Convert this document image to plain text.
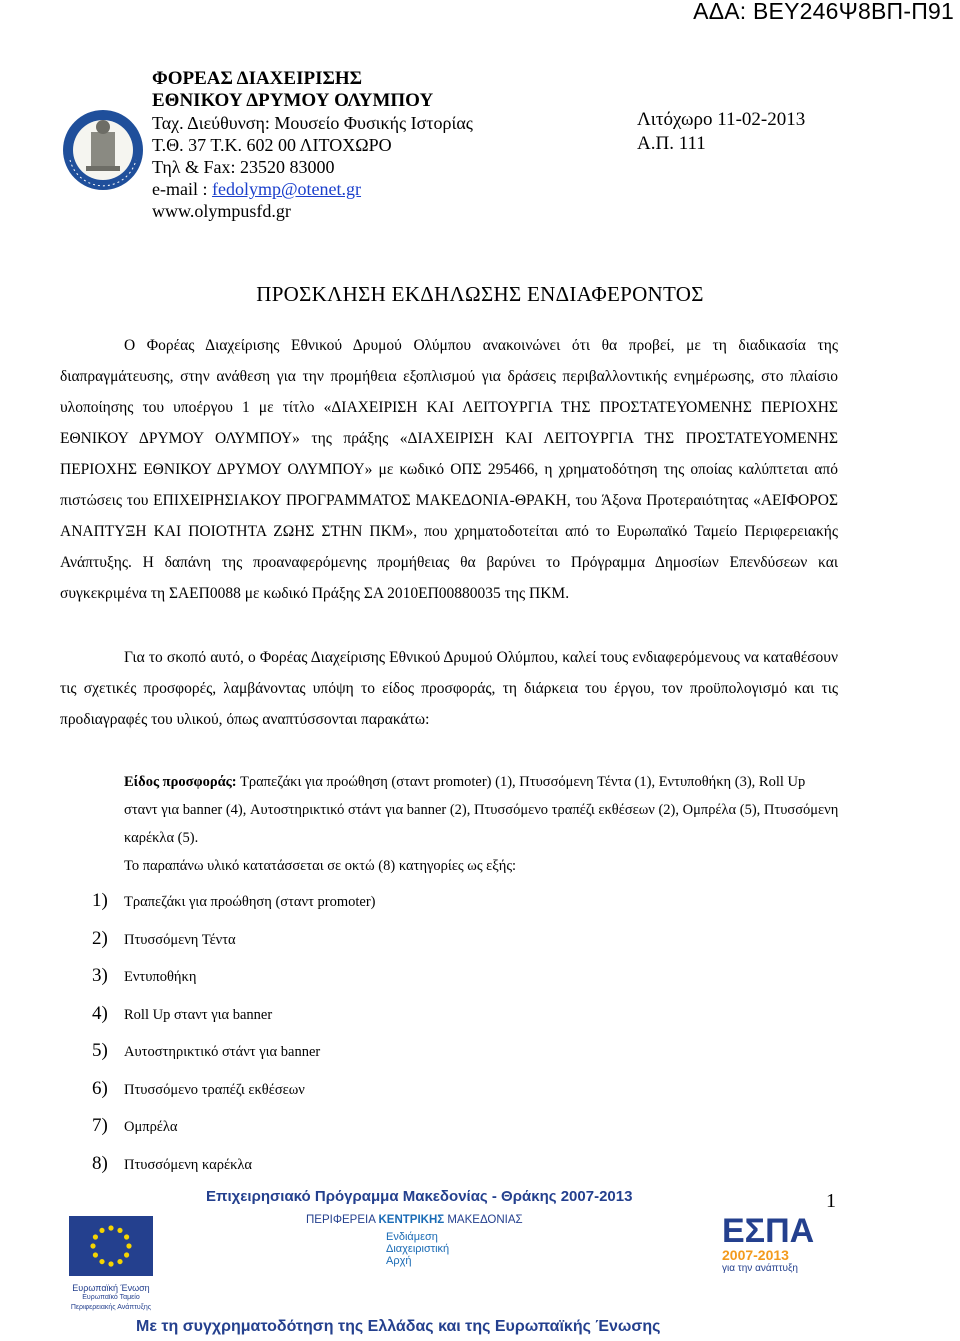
ΑΔΑ: ΒΕΥ246Ψ8ΒΠ-Π91
ΦΟΡΕΑΣ ΔΙΑΧΕΙΡΙΣΗΣ
ΕΘΝΙΚΟΥ ΔΡΥΜΟΥ ΟΛΥΜΠΟΥ
Ταχ. Διεύθυνση: Μουσείο Φυσικής Ιστορίας
Τ.Θ. 37 Τ.Κ. 602 00 ΛΙΤΟΧΩΡΟ
Τηλ & Fax: 23520 83000
e-mail : fedolymp@otenet.gr
www.olympusfd.gr
Λιτόχωρο 11-02-2013
Α.Π. 111
ΠΡΟΣΚΛΗΣΗ ΕΚΔΗΛΩΣΗΣ ΕΝΔΙΑΦΕΡΟΝΤΟΣ
Ο Φορέας Διαχείρισης Εθνικού Δρυμού Ολύμπου ανακοινώνει ότι θα προβεί, με τη διαδικασία της διαπραγμάτευσης, στην ανάθεση για την προμήθεια εξοπλισμού για δράσεις περιβαλλοντικής ενημέρωσης, στο πλαίσιο υλοποίησης του υποέργου 1 με τίτλο «ΔΙΑΧΕΙΡΙΣΗ ΚΑΙ ΛΕΙΤΟΥΡΓΙΑ ΤΗΣ ΠΡΟΣΤΑΤΕΥΟΜΕΝΗΣ ΠΕΡΙΟΧΗΣ ΕΘΝΙΚΟΥ ΔΡΥΜΟΥ ΟΛΥΜΠΟΥ» της πράξης «ΔΙΑΧΕΙΡΙΣΗ ΚΑΙ ΛΕΙΤΟΥΡΓΙΑ ΤΗΣ ΠΡΟΣΤΑΤΕΥΟΜΕΝΗΣ ΠΕΡΙΟΧΗΣ ΕΘΝΙΚΟΥ ΔΡΥΜΟΥ ΟΛΥΜΠΟΥ» με κωδικό ΟΠΣ 295466, η χρηματοδότηση της οποίας καλύπτεται από πιστώσεις του ΕΠΙΧΕΙΡΗΣΙΑΚΟΥ ΠΡΟΓΡΑΜΜΑΤΟΣ ΜΑΚΕΔΟΝΙΑ-ΘΡΑΚΗ, του Άξονα Προτεραιότητας «ΑΕΙΦΟΡΟΣ ΑΝΑΠΤΥΞΗ ΚΑΙ ΠΟΙΟΤΗΤΑ ΖΩΗΣ ΣΤΗΝ ΠΚΜ», που χρηματοδοτείται από το Ευρωπαϊκό Ταμείο Περιφερειακής Ανάπτυξης. Η δαπάνη της προαναφερόμενης προμήθειας θα βαρύνει το Πρόγραμμα Δημοσίων Επενδύσεων και συγκεκριμένα τη ΣΑΕΠ0088 με κωδικό Πράξης ΣΑ 2010ΕΠ00880035 της ΠΚΜ.
Για το σκοπό αυτό, ο Φορέας Διαχείρισης Εθνικού Δρυμού Ολύμπου, καλεί τους ενδιαφερόμενους να καταθέσουν τις σχετικές προσφορές, λαμβάνοντας υπόψη το είδος προσφοράς, τη διάρκεια του έργου, τον προϋπολογισμό και τις προδιαγραφές του υλικού, όπως αναπτύσσονται παρακάτω:
Είδος προσφοράς: Τραπεζάκι για προώθηση (σταντ promoter) (1), Πτυσσόμενη Τέντα (1), Εντυποθήκη (3), Roll Up σταντ για banner (4), Αυτοστηρικτικό στάντ για banner (2), Πτυσσόμενο τραπέζι εκθέσεων (2), Ομπρέλα (5), Πτυσσόμενη καρέκλα (5).
Το παραπάνω υλικό κατατάσσεται σε οκτώ (8) κατηγορίες ως εξής:
1) Τραπεζάκι για προώθηση (σταντ promoter)
2) Πτυσσόμενη Τέντα
3) Εντυποθήκη
4) Roll Up σταντ για banner
5) Αυτοστηρικτικό στάντ για banner
6) Πτυσσόμενο τραπέζι εκθέσεων
7) Ομπρέλα
8) Πτυσσόμενη καρέκλα
1
Επιχειρησιακό Πρόγραμμα Μακεδονίας - Θράκης 2007-2013
ΠΕΡΙΦΕΡΕΙΑ ΚΕΝΤΡΙΚΗΣ ΜΑΚΕΔΟΝΙΑΣ
Ενδιάμεση
Διαχειριστική
Αρχή
Ευρωπαϊκή Ένωση
Ευρωπαϊκό Ταμείο
Περιφερειακής Ανάπτυξης
ΕΣΠΑ
2007-2013
για την ανάπτυξη
Με τη συγχρηματοδότηση της Ελλάδας και της Ευρωπαϊκής Ένωσης
